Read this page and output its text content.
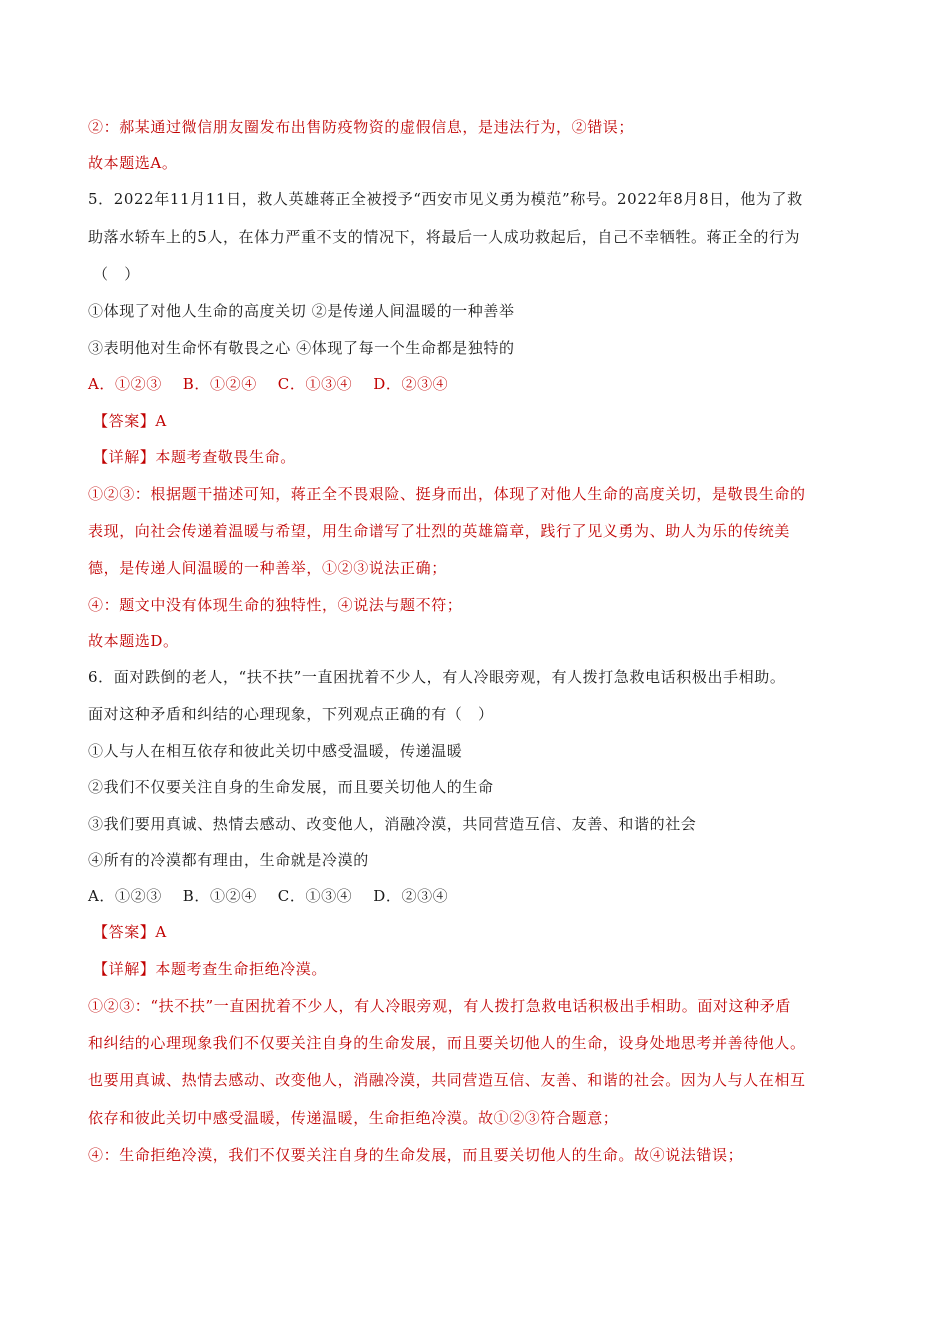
②：郝某通过微信朋友圈发布出售防疫物资的虚假信息，是违法行为，②错误；
故本题选A。
5．2022年11月11日，救人英雄蒋正全被授予“西安市见义勇为模范”称号。2022年8月8日，他为了救
助落水轿车上的5人，在体力严重不支的情况下，将最后一人成功救起后，自己不幸牺牲。蒋正全的行为
（　）
①体现了对他人生命的高度关切 ②是传递人间温暖的一种善举
③表明他对生命怀有敬畏之心 ④体现了每一个生命都是独特的
A．①②③　 B．①②④　 C．①③④　 D．②③④
【答案】A
【详解】本题考查敬畏生命。
①②③：根据题干描述可知，蒋正全不畏艰险、挺身而出，体现了对他人生命的高度关切，是敬畏生命的
表现，向社会传递着温暖与希望，用生命谱写了壮烈的英雄篇章，践行了见义勇为、助人为乐的传统美
德，是传递人间温暖的一种善举，①②③说法正确；
④：题文中没有体现生命的独特性，④说法与题不符；
故本题选D。
6．面对跌倒的老人，“扶不扶”一直困扰着不少人，有人冷眼旁观，有人拨打急救电话积极出手相助。
面对这种矛盾和纠结的心理现象，下列观点正确的有（　）
①人与人在相互依存和彼此关切中感受温暖，传递温暖
②我们不仅要关注自身的生命发展，而且要关切他人的生命
③我们要用真诚、热情去感动、改变他人，消融冷漠，共同营造互信、友善、和谐的社会
④所有的冷漠都有理由，生命就是冷漠的
A．①②③　 B．①②④　 C．①③④　 D．②③④
【答案】A
【详解】本题考查生命拒绝冷漠。
①②③：“扶不扶”一直困扰着不少人，有人冷眼旁观，有人拨打急救电话积极出手相助。面对这种矛盾
和纠结的心理现象我们不仅要关注自身的生命发展，而且要关切他人的生命，设身处地思考并善待他人。
也要用真诚、热情去感动、改变他人，消融冷漠，共同营造互信、友善、和谐的社会。因为人与人在相互
依存和彼此关切中感受温暖，传递温暖，生命拒绝冷漠。故①②③符合题意；
④：生命拒绝冷漠，我们不仅要关注自身的生命发展，而且要关切他人的生命。故④说法错误；
